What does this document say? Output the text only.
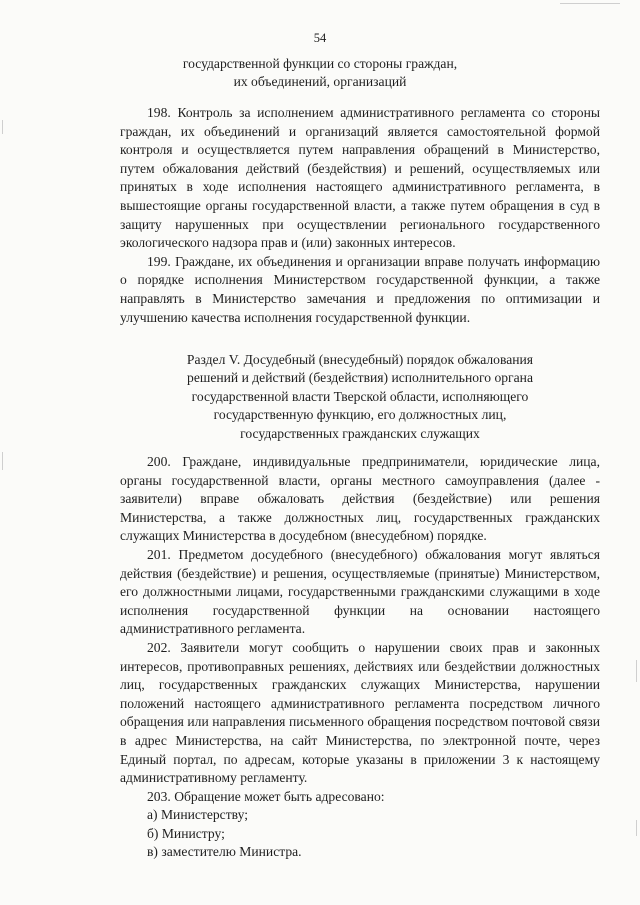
54
государственной функции со стороны граждан,
их объединений, организаций

198. Контроль за исполнением административного регламента со стороны граждан, их объединений и организаций является самостоятельной формой контроля и осуществляется путем направления обращений в Министерство, путем обжалования действий (бездействия) и решений, осуществляемых или принятых в ходе исполнения настоящего административного регламента, в вышестоящие органы государственной власти, а также путем обращения в суд в защиту нарушенных при осуществлении регионального государственного экологического надзора прав и (или) законных интересов.

199. Граждане, их объединения и организации вправе получать информацию о порядке исполнения Министерством государственной функции, а также направлять в Министерство замечания и предложения по оптимизации и улучшению качества исполнения государственной функции.

Раздел V. Досудебный (внесудебный) порядок обжалования
решений и действий (бездействия) исполнительного органа
государственной власти Тверской области, исполняющего
государственную функцию, его должностных лиц,
государственных гражданских служащих

200. Граждане, индивидуальные предприниматели, юридические лица, органы государственной власти, органы местного самоуправления (далее - заявители) вправе обжаловать действия (бездействие) или решения Министерства, а также должностных лиц, государственных гражданских служащих Министерства в досудебном (внесудебном) порядке.

201. Предметом досудебного (внесудебного) обжалования могут являться действия (бездействие) и решения, осуществляемые (принятые) Министерством, его должностными лицами, государственными гражданскими служащими в ходе исполнения государственной функции на основании настоящего административного регламента.

202. Заявители могут сообщить о нарушении своих прав и законных интересов, противоправных решениях, действиях или бездействии должностных лиц, государственных гражданских служащих Министерства, нарушении положений настоящего административного регламента посредством личного обращения или направления письменного обращения посредством почтовой связи в адрес Министерства, на сайт Министерства, по электронной почте, через Единый портал, по адресам, которые указаны в приложении 3 к настоящему административному регламенту.

203. Обращение может быть адресовано:

а) Министерству;

б) Министру;

в) заместителю Министра.
